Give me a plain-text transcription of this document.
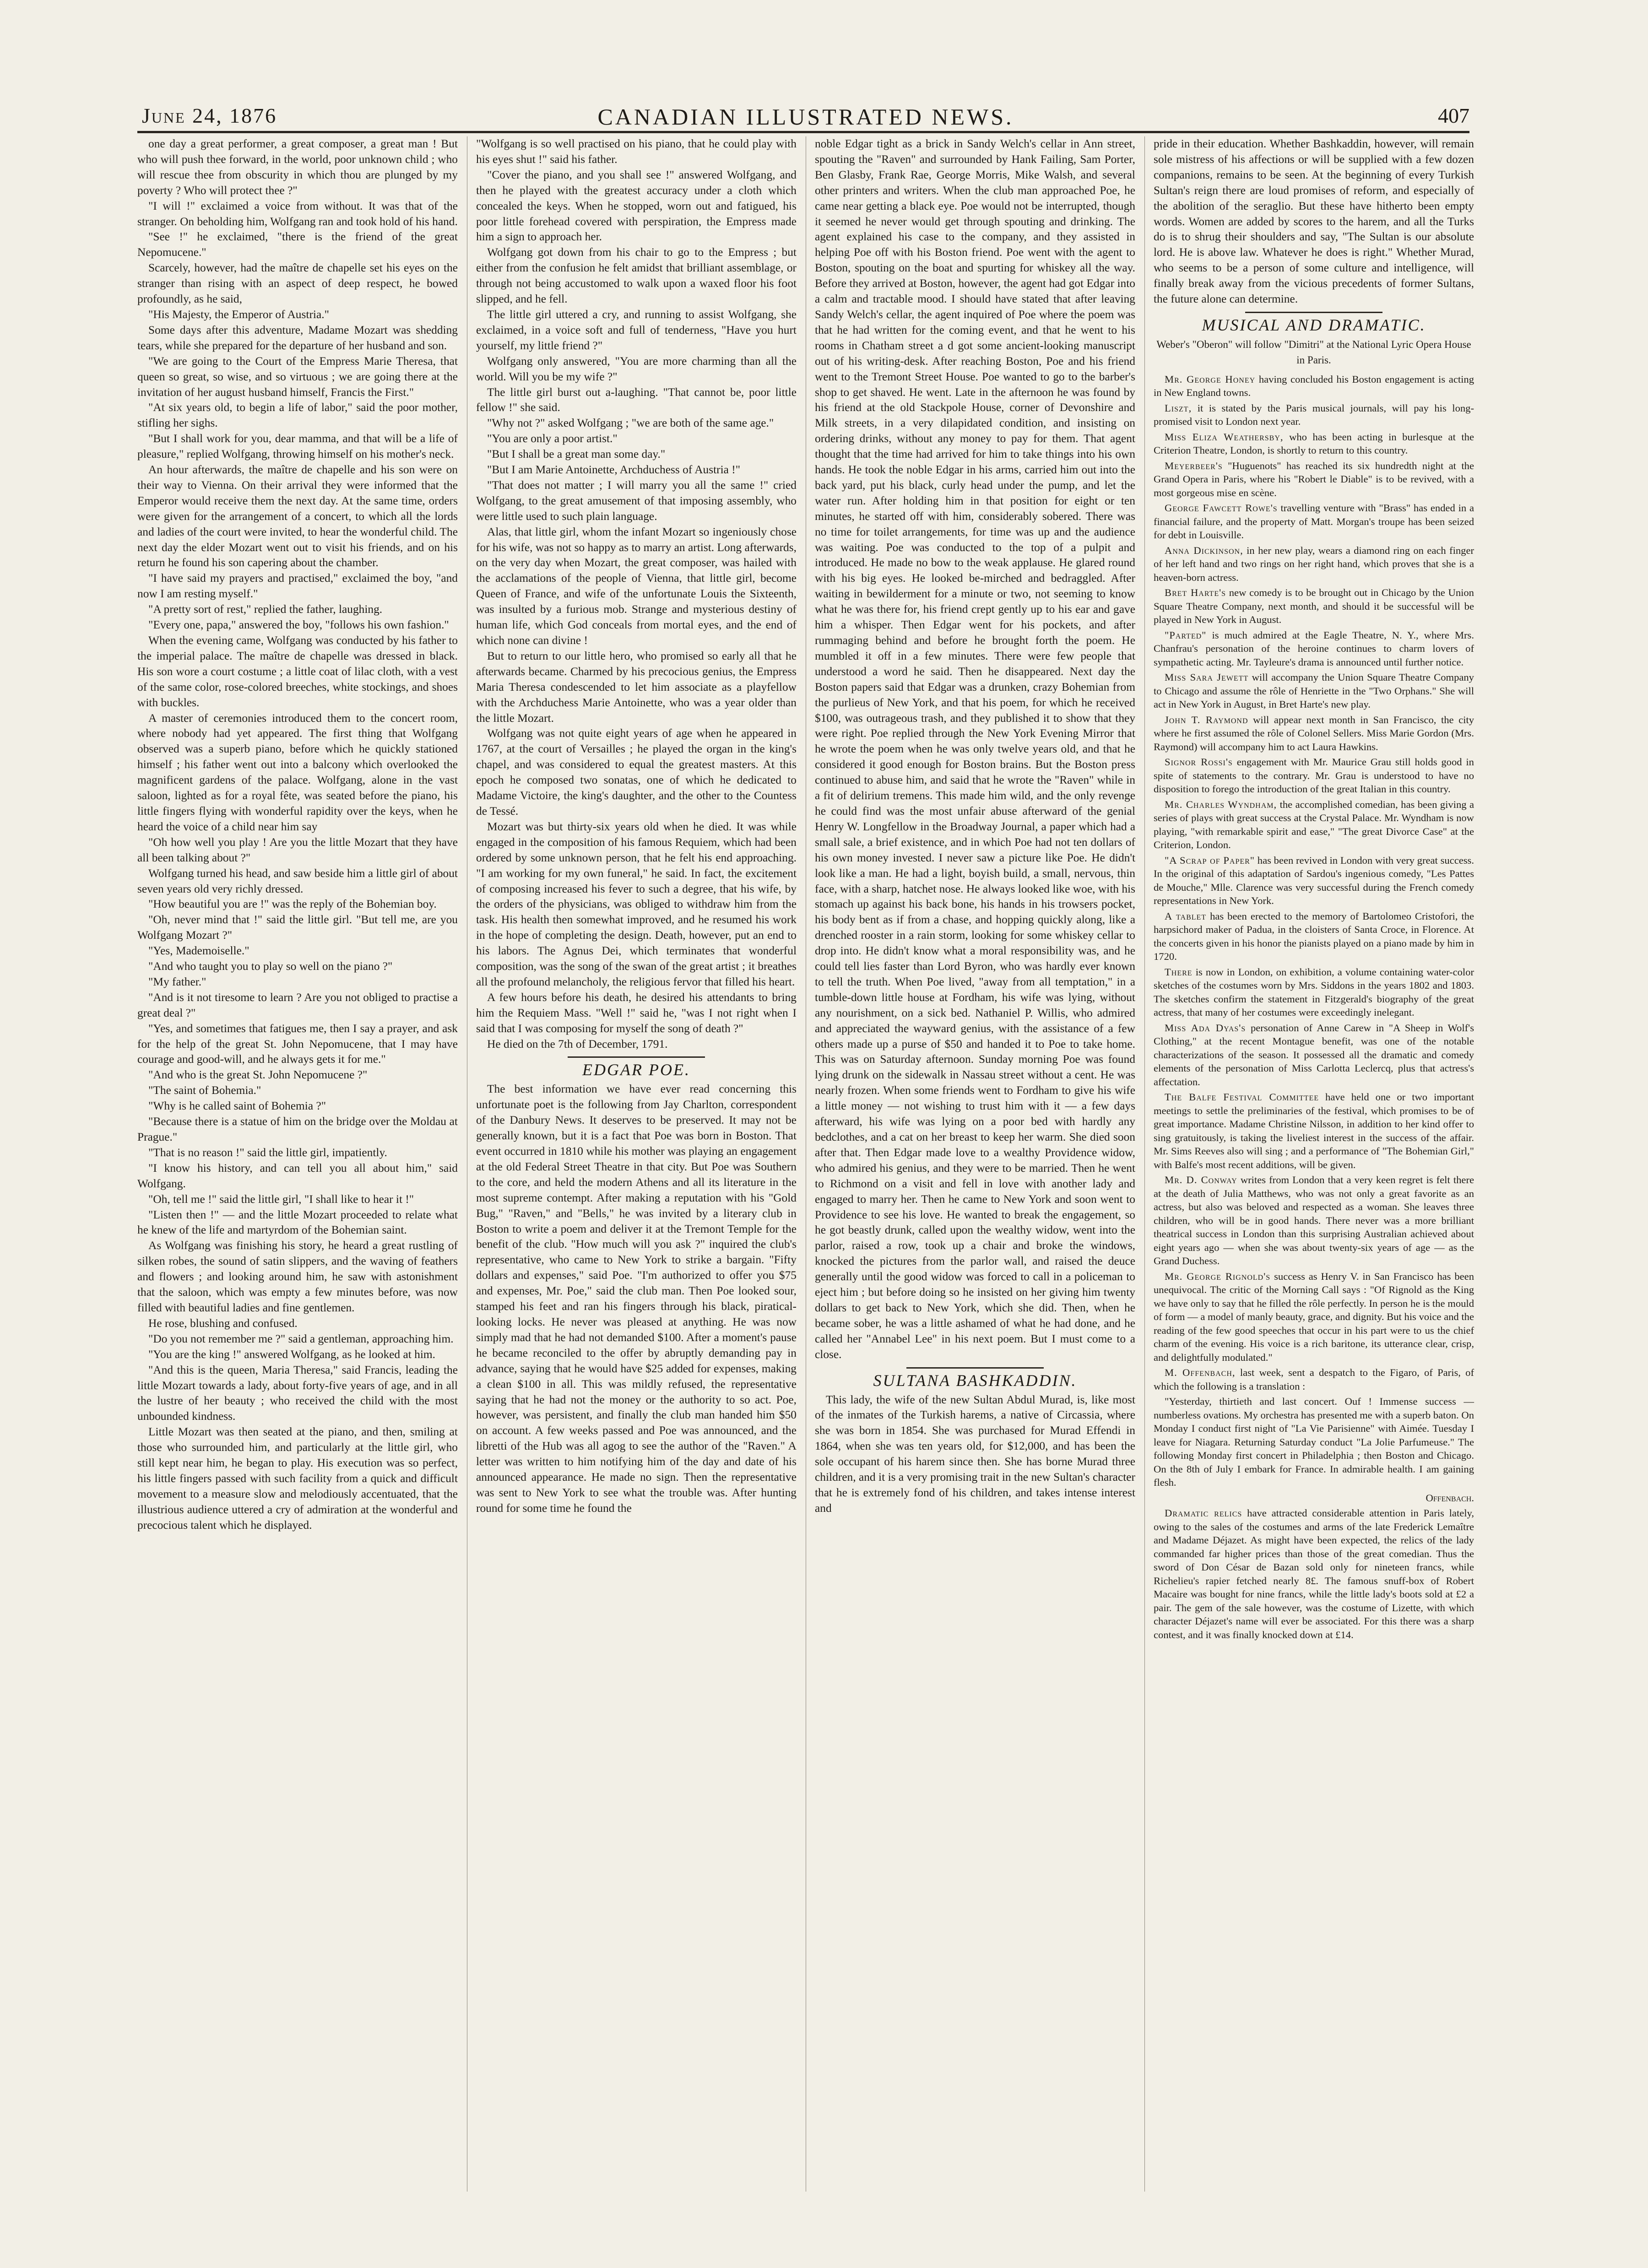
CANADIAN ILLUSTRATED NEWS.
June 24, 1876	407

one day a great performer, a great composer, a great man ! But who will push thee forward, in the world, poor unknown child ; who will rescue thee from obscurity in which thou are plunged by my poverty ? Who will protect thee ?"

"I will !" exclaimed a voice from without. It was that of the stranger. On beholding him, Wolfgang ran and took hold of his hand.

"See !" he exclaimed, "there is the friend of the great Nepomucene."

Scarcely, however, had the maître de chapelle set his eyes on the stranger than rising with an aspect of deep respect, he bowed profoundly, as he said,

"His Majesty, the Emperor of Austria."

Some days after this adventure, Madame Mozart was shedding tears, while she prepared for the departure of her husband and son.

"We are going to the Court of the Empress Marie Theresa, that queen so great, so wise, and so virtuous ; we are going there at the invitation of her august husband himself, Francis the First."

"At six years old, to begin a life of labor," said the poor mother, stifling her sighs.

"But I shall work for you, dear mamma, and that will be a life of pleasure," replied Wolfgang, throwing himself on his mother's neck.

An hour afterwards, the maître de chapelle and his son were on their way to Vienna. On their arrival they were informed that the Emperor would receive them the next day. At the same time, orders were given for the arrangement of a concert, to which all the lords and ladies of the court were invited, to hear the wonderful child. The next day the elder Mozart went out to visit his friends, and on his return he found his son capering about the chamber.

"I have said my prayers and practised," exclaimed the boy, "and now I am resting myself."

"A pretty sort of rest," replied the father, laughing.

"Every one, papa," answered the boy, "follows his own fashion."

When the evening came, Wolfgang was conducted by his father to the imperial palace. The maître de chapelle was dressed in black. His son wore a court costume ; a little coat of lilac cloth, with a vest of the same color, rose-colored breeches, white stockings, and shoes with buckles.

A master of ceremonies introduced them to the concert room, where nobody had yet appeared. The first thing that Wolfgang observed was a superb piano, before which he quickly stationed himself ; his father went out into a balcony which overlooked the magnificent gardens of the palace. Wolfgang, alone in the vast saloon, lighted as for a royal fête, was seated before the piano, his little fingers flying with wonderful rapidity over the keys, when he heard the voice of a child near him say

"Oh how well you play ! Are you the little Mozart that they have all been talking about ?"

Wolfgang turned his head, and saw beside him a little girl of about seven years old very richly dressed.

"How beautiful you are !" was the reply of the Bohemian boy.

"Oh, never mind that !" said the little girl. "But tell me, are you Wolfgang Mozart ?"

"Yes, Mademoiselle."

"And who taught you to play so well on the piano ?"

"My father."

"And is it not tiresome to learn ? Are you not obliged to practise a great deal ?"

"Yes, and sometimes that fatigues me, then I say a prayer, and ask for the help of the great St. John Nepomucene, that I may have courage and good-will, and he always gets it for me."

"And who is the great St. John Nepomucene ?"

"The saint of Bohemia."

"Why is he called saint of Bohemia ?"

"Because there is a statue of him on the bridge over the Moldau at Prague."

"That is no reason !" said the little girl, impatiently.

"I know his history, and can tell you all about him," said Wolfgang.

"Oh, tell me !" said the little girl, "I shall like to hear it !"

"Listen then !" — and the little Mozart proceeded to relate what he knew of the life and martyrdom of the Bohemian saint.

As Wolfgang was finishing his story, he heard a great rustling of silken robes, the sound of satin slippers, and the waving of feathers and flowers ; and looking around him, he saw with astonishment that the saloon, which was empty a few minutes before, was now filled with beautiful ladies and fine gentlemen.

He rose, blushing and confused.

"Do you not remember me ?" said a gentleman, approaching him.

"You are the king !" answered Wolfgang, as he looked at him.

"And this is the queen, Maria Theresa," said Francis, leading the little Mozart towards a lady, about forty-five years of age, and in all the lustre of her beauty ; who received the child with the most unbounded kindness.

Little Mozart was then seated at the piano, and then, smiling at those who surrounded him, and particularly at the little girl, who still kept near him, he began to play. His execution was so perfect, his little fingers passed with such facility from a quick and difficult movement to a measure slow and melodiously accentuated, that the illustrious audience uttered a cry of admiration at the wonderful and precocious talent which he displayed.

"Wolfgang is so well practised on his piano, that he could play with his eyes shut !" said his father.

"Cover the piano, and you shall see !" answered Wolfgang, and then he played with the greatest accuracy under a cloth which concealed the keys. When he stopped, worn out and fatigued, his poor little forehead covered with perspiration, the Empress made him a sign to approach her.

Wolfgang got down from his chair to go to the Empress ; but either from the confusion he felt amidst that brilliant assemblage, or through not being accustomed to walk upon a waxed floor his foot slipped, and he fell.

The little girl uttered a cry, and running to assist Wolfgang, she exclaimed, in a voice soft and full of tenderness, "Have you hurt yourself, my little friend ?"

Wolfgang only answered, "You are more charming than all the world. Will you be my wife ?"

The little girl burst out a-laughing. "That cannot be, poor little fellow !" she said.

"Why not ?" asked Wolfgang ; "we are both of the same age."

"You are only a poor artist."

"But I shall be a great man some day."

"But I am Marie Antoinette, Archduchess of Austria !"

"That does not matter ; I will marry you all the same !" cried Wolfgang, to the great amusement of that imposing assembly, who were little used to such plain language.

Alas, that little girl, whom the infant Mozart so ingeniously chose for his wife, was not so happy as to marry an artist. Long afterwards, on the very day when Mozart, the great composer, was hailed with the acclamations of the people of Vienna, that little girl, become Queen of France, and wife of the unfortunate Louis the Sixteenth, was insulted by a furious mob. Strange and mysterious destiny of human life, which God conceals from mortal eyes, and the end of which none can divine !

But to return to our little hero, who promised so early all that he afterwards became. Charmed by his precocious genius, the Empress Maria Theresa condescended to let him associate as a playfellow with the Archduchess Marie Antoinette, who was a year older than the little Mozart.

Wolfgang was not quite eight years of age when he appeared in 1767, at the court of Versailles ; he played the organ in the king's chapel, and was considered to equal the greatest masters. At this epoch he composed two sonatas, one of which he dedicated to Madame Victoire, the king's daughter, and the other to the Countess de Tessé.

Mozart was but thirty-six years old when he died. It was while engaged in the composition of his famous Requiem, which had been ordered by some unknown person, that he felt his end approaching. "I am working for my own funeral," he said. In fact, the excitement of composing increased his fever to such a degree, that his wife, by the orders of the physicians, was obliged to withdraw him from the task. His health then somewhat improved, and he resumed his work in the hope of completing the design. Death, however, put an end to his labors. The Agnus Dei, which terminates that wonderful composition, was the song of the swan of the great artist ; it breathes all the profound melancholy, the religious fervor that filled his heart.

A few hours before his death, he desired his attendants to bring him the Requiem Mass. "Well !" said he, "was I not right when I said that I was composing for myself the song of death ?"

He died on the 7th of December, 1791.

EDGAR POE.

The best information we have ever read concerning this unfortunate poet is the following from Jay Charlton, correspondent of the Danbury News. It deserves to be preserved. It may not be generally known, but it is a fact that Poe was born in Boston. That event occurred in 1810 while his mother was playing an engagement at the old Federal Street Theatre in that city. But Poe was Southern to the core, and held the modern Athens and all its literature in the most supreme contempt. After making a reputation with his "Gold Bug," "Raven," and "Bells," he was invited by a literary club in Boston to write a poem and deliver it at the Tremont Temple for the benefit of the club. "How much will you ask ?" inquired the club's representative, who came to New York to strike a bargain. "Fifty dollars and expenses," said Poe. "I'm authorized to offer you $75 and expenses, Mr. Poe," said the club man. Then Poe looked sour, stamped his feet and ran his fingers through his black, piratical-looking locks. He never was pleased at anything. He was now simply mad that he had not demanded $100. After a moment's pause he became reconciled to the offer by abruptly demanding pay in advance, saying that he would have $25 added for expenses, making a clean $100 in all. This was mildly refused, the representative saying that he had not the money or the authority to so act. Poe, however, was persistent, and finally the club man handed him $50 on account. A few weeks passed and Poe was announced, and the libretti of the Hub was all agog to see the author of the "Raven." A letter was written to him notifying him of the day and date of his announced appearance. He made no sign. Then the representative was sent to New York to see what the trouble was. After hunting round for some time he found the

noble Edgar tight as a brick in Sandy Welch's cellar in Ann street, spouting the "Raven" and surrounded by Hank Failing, Sam Porter, Ben Glasby, Frank Rae, George Morris, Mike Walsh, and several other printers and writers. When the club man approached Poe, he came near getting a black eye. Poe would not be interrupted, though it seemed he never would get through spouting and drinking. The agent explained his case to the company, and they assisted in helping Poe off with his Boston friend. Poe went with the agent to Boston, spouting on the boat and spurting for whiskey all the way. Before they arrived at Boston, however, the agent had got Edgar into a calm and tractable mood. I should have stated that after leaving Sandy Welch's cellar, the agent inquired of Poe where the poem was that he had written for the coming event, and that he went to his rooms in Chatham street a d got some ancient-looking manuscript out of his writing-desk. After reaching Boston, Poe and his friend went to the Tremont Street House. Poe wanted to go to the barber's shop to get shaved. He went. Late in the afternoon he was found by his friend at the old Stackpole House, corner of Devonshire and Milk streets, in a very dilapidated condition, and insisting on ordering drinks, without any money to pay for them. That agent thought that the time had arrived for him to take things into his own hands. He took the noble Edgar in his arms, carried him out into the back yard, put his black, curly head under the pump, and let the water run. After holding him in that position for eight or ten minutes, he started off with him, considerably sobered. There was no time for toilet arrangements, for time was up and the audience was waiting. Poe was conducted to the top of a pulpit and introduced. He made no bow to the weak applause. He glared round with his big eyes. He looked be-mirched and bedraggled. After waiting in bewilderment for a minute or two, not seeming to know what he was there for, his friend crept gently up to his ear and gave him a whisper. Then Edgar went for his pockets, and after rummaging behind and before he brought forth the poem. He mumbled it off in a few minutes. There were few people that understood a word he said. Then he disappeared. Next day the Boston papers said that Edgar was a drunken, crazy Bohemian from the purlieus of New York, and that his poem, for which he received $100, was outrageous trash, and they published it to show that they were right. Poe replied through the New York Evening Mirror that he wrote the poem when he was only twelve years old, and that he considered it good enough for Boston brains. But the Boston press continued to abuse him, and said that he wrote the "Raven" while in a fit of delirium tremens. This made him wild, and the only revenge he could find was the most unfair abuse afterward of the genial Henry W. Longfellow in the Broadway Journal, a paper which had a small sale, a brief existence, and in which Poe had not ten dollars of his own money invested. I never saw a picture like Poe. He didn't look like a man. He had a light, boyish build, a small, nervous, thin face, with a sharp, hatchet nose. He always looked like woe, with his stomach up against his back bone, his hands in his trowsers pocket, his body bent as if from a chase, and hopping quickly along, like a drenched rooster in a rain storm, looking for some whiskey cellar to drop into. He didn't know what a moral responsibility was, and he could tell lies faster than Lord Byron, who was hardly ever known to tell the truth. When Poe lived, "away from all temptation," in a tumble-down little house at Fordham, his wife was lying, without any nourishment, on a sick bed. Nathaniel P. Willis, who admired and appreciated the wayward genius, with the assistance of a few others made up a purse of $50 and handed it to Poe to take home. This was on Saturday afternoon. Sunday morning Poe was found lying drunk on the sidewalk in Nassau street without a cent. He was nearly frozen. When some friends went to Fordham to give his wife a little money — not wishing to trust him with it — a few days afterward, his wife was lying on a poor bed with hardly any bedclothes, and a cat on her breast to keep her warm. She died soon after that. Then Edgar made love to a wealthy Providence widow, who admired his genius, and they were to be married. Then he went to Richmond on a visit and fell in love with another lady and engaged to marry her. Then he came to New York and soon went to Providence to see his love. He wanted to break the engagement, so he got beastly drunk, called upon the wealthy widow, went into the parlor, raised a row, took up a chair and broke the windows, knocked the pictures from the parlor wall, and raised the deuce generally until the good widow was forced to call in a policeman to eject him ; but before doing so he insisted on her giving him twenty dollars to get back to New York, which she did. Then, when he became sober, he was a little ashamed of what he had done, and he called her "Annabel Lee" in his next poem. But I must come to a close.

SULTANA BASHKADDIN.

This lady, the wife of the new Sultan Abdul Murad, is, like most of the inmates of the Turkish harems, a native of Circassia, where she was born in 1854. She was purchased for Murad Effendi in 1864, when she was ten years old, for $12,000, and has been the sole occupant of his harem since then. She has borne Murad three children, and it is a very promising trait in the new Sultan's character that he is extremely fond of his children, and takes intense interest and

pride in their education. Whether Bashkaddin, however, will remain sole mistress of his affections or will be supplied with a few dozen companions, remains to be seen. At the beginning of every Turkish Sultan's reign there are loud promises of reform, and especially of the abolition of the seraglio. But these have hitherto been empty words. Women are added by scores to the harem, and all the Turks do is to shrug their shoulders and say, "The Sultan is our absolute lord. He is above law. Whatever he does is right." Whether Murad, who seems to be a person of some culture and intelligence, will finally break away from the vicious precedents of former Sultans, the future alone can determine.

MUSICAL AND DRAMATIC.
Weber's "Oberon" will follow "Dimitri" at the National Lyric Opera House in Paris.

Mr. George Honey having concluded his Boston engagement is acting in New England towns.

Liszt, it is stated by the Paris musical journals, will pay his long-promised visit to London next year.

Miss Eliza Weathersby, who has been acting in burlesque at the Criterion Theatre, London, is shortly to return to this country.

Meyerbeer's "Huguenots" has reached its six hundredth night at the Grand Opera in Paris, where his "Robert le Diable" is to be revived, with a most gorgeous mise en scène.

George Fawcett Rowe's travelling venture with "Brass" has ended in a financial failure, and the property of Matt. Morgan's troupe has been seized for debt in Louisville.

Anna Dickinson, in her new play, wears a diamond ring on each finger of her left hand and two rings on her right hand, which proves that she is a heaven-born actress.

Bret Harte's new comedy is to be brought out in Chicago by the Union Square Theatre Company, next month, and should it be successful will be played in New York in August.

"Parted" is much admired at the Eagle Theatre, N. Y., where Mrs. Chanfrau's personation of the heroine continues to charm lovers of sympathetic acting. Mr. Tayleure's drama is announced until further notice.

Miss Sara Jewett will accompany the Union Square Theatre Company to Chicago and assume the rôle of Henriette in the "Two Orphans." She will act in New York in August, in Bret Harte's new play.

John T. Raymond will appear next month in San Francisco, the city where he first assumed the rôle of Colonel Sellers. Miss Marie Gordon (Mrs. Raymond) will accompany him to act Laura Hawkins.

Signor Rossi's engagement with Mr. Maurice Grau still holds good in spite of statements to the contrary. Mr. Grau is understood to have no disposition to forego the introduction of the great Italian in this country.

Mr. Charles Wyndham, the accomplished comedian, has been giving a series of plays with great success at the Crystal Palace. Mr. Wyndham is now playing, "with remarkable spirit and ease," "The great Divorce Case" at the Criterion, London.

"A Scrap of Paper" has been revived in London with very great success. In the original of this adaptation of Sardou's ingenious comedy, "Les Pattes de Mouche," Mlle. Clarence was very successful during the French comedy representations in New York.

A tablet has been erected to the memory of Bartolomeo Cristofori, the harpsichord maker of Padua, in the cloisters of Santa Croce, in Florence. At the concerts given in his honor the pianists played on a piano made by him in 1720.

There is now in London, on exhibition, a volume containing water-color sketches of the costumes worn by Mrs. Siddons in the years 1802 and 1803. The sketches confirm the statement in Fitzgerald's biography of the great actress, that many of her costumes were exceedingly inelegant.

Miss Ada Dyas's personation of Anne Carew in "A Sheep in Wolf's Clothing," at the recent Montague benefit, was one of the notable characterizations of the season. It possessed all the dramatic and comedy elements of the personation of Miss Carlotta Leclercq, plus that actress's affectation.

The Balfe Festival Committee have held one or two important meetings to settle the preliminaries of the festival, which promises to be of great importance. Madame Christine Nilsson, in addition to her kind offer to sing gratuitously, is taking the liveliest interest in the success of the affair. Mr. Sims Reeves also will sing ; and a performance of "The Bohemian Girl," with Balfe's most recent additions, will be given.

Mr. D. Conway writes from London that a very keen regret is felt there at the death of Julia Matthews, who was not only a great favorite as an actress, but also was beloved and respected as a woman. She leaves three children, who will be in good hands. There never was a more brilliant theatrical success in London than this surprising Australian achieved about eight years ago — when she was about twenty-six years of age — as the Grand Duchess.

Mr. George Rignold's success as Henry V. in San Francisco has been unequivocal. The critic of the Morning Call says : "Of Rignold as the King we have only to say that he filled the rôle perfectly. In person he is the mould of form — a model of manly beauty, grace, and dignity. But his voice and the reading of the few good speeches that occur in his part were to us the chief charm of the evening. His voice is a rich baritone, its utterance clear, crisp, and delightfully modulated."

M. Offenbach, last week, sent a despatch to the Figaro, of Paris, of which the following is a translation :

"Yesterday, thirtieth and last concert. Ouf ! Immense success — numberless ovations. My orchestra has presented me with a superb baton. On Monday I conduct first night of "La Vie Parisienne" with Aimée. Tuesday I leave for Niagara. Returning Saturday conduct "La Jolie Parfumeuse." The following Monday first concert in Philadelphia ; then Boston and Chicago. On the 8th of July I embark for France. In admirable health. I am gaining flesh.

Offenbach.

Dramatic relics have attracted considerable attention in Paris lately, owing to the sales of the costumes and arms of the late Frederick Lemaître and Madame Déjazet. As might have been expected, the relics of the lady commanded far higher prices than those of the great comedian. Thus the sword of Don César de Bazan sold only for nineteen francs, while Richelieu's rapier fetched nearly 8£. The famous snuff-box of Robert Macaire was bought for nine francs, while the little lady's boots sold at £2 a pair. The gem of the sale however, was the costume of Lizette, with which character Déjazet's name will ever be associated. For this there was a sharp contest, and it was finally knocked down at £14.
